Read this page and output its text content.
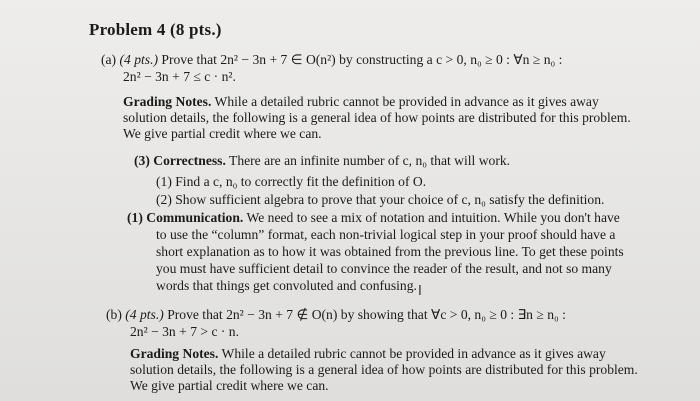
Problem 4 (8 pts.)
(a) (4 pts.) Prove that 2n² − 3n + 7 ∈ O(n²) by constructing a c > 0, n₀ ≥ 0 : ∀n ≥ n₀ :
2n² − 3n + 7 ≤ c · n².
Grading Notes. While a detailed rubric cannot be provided in advance as it gives away
solution details, the following is a general idea of how points are distributed for this problem.
We give partial credit where we can.
(3) Correctness. There are an infinite number of c, n₀ that will work.
(1) Find a c, n₀ to correctly fit the definition of O.
(2) Show sufficient algebra to prove that your choice of c, n₀ satisfy the definition.
(1) Communication. We need to see a mix of notation and intuition. While you don't have
to use the “column” format, each non-trivial logical step in your proof should have a
short explanation as to how it was obtained from the previous line. To get these points
you must have sufficient detail to convince the reader of the result, and not so many
words that things get convoluted and confusing. I
(b) (4 pts.) Prove that 2n² − 3n + 7 ∉ O(n) by showing that ∀c > 0, n₀ ≥ 0 : ∃n ≥ n₀ :
2n² − 3n + 7 > c · n.
Grading Notes. While a detailed rubric cannot be provided in advance as it gives away
solution details, the following is a general idea of how points are distributed for this problem.
We give partial credit where we can.
